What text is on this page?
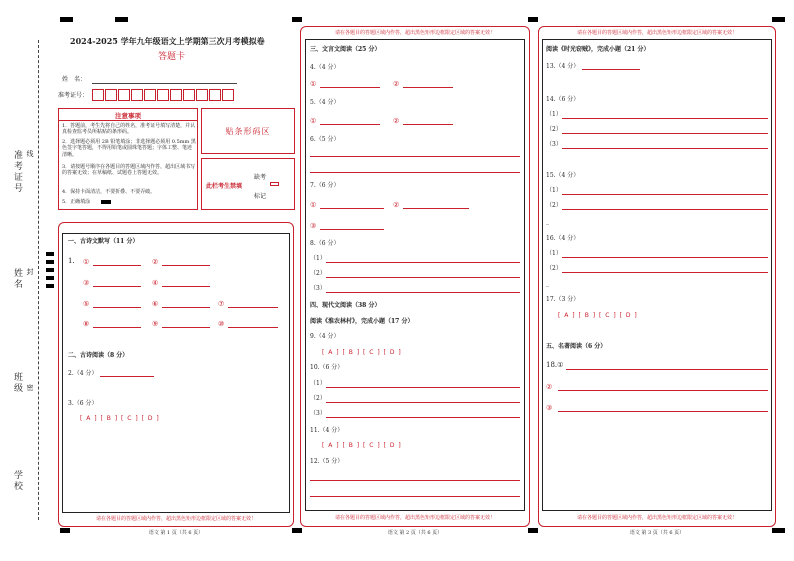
准考证号 线
姓名 封
班级 密
学校
2024-2025 学年九年级语文上学期第三次月考模拟卷
答题卡
姓　名：
准考证号：
注意事项
1．答题前，考生先将自己的姓名，准考证号填写清楚，并认真检查监考员所粘贴的条形码。
2．选择题必须用 2B 铅笔填涂；非选择题必须用 0.5mm 黑色签字笔答题，不得用铅笔或圆珠笔答题；字体工整、笔迹清晰。
3．请按题号顺序在各题目的答题区域内作答，超出区域书写的答案无效；在草稿纸、试题卷上答题无效。
4．保持卡面清洁，不要折叠、不要弄破。
5．正确填涂
贴条形码区
此栏考生禁填
缺考
标记
一、古诗文默写（11 分）
1. ①	②
③	④
⑤	⑥	⑦
⑧	⑨	⑩
二、古诗阅读（8 分）
2.（4 分）
3.（6 分）
[ A ] [ B ] [ C ] [ D ]
请在各题目的答题区域内作答，超出黑色矩形边框限定区域的答案无效！
语文 第 1 页（共 6 页）
请在各题目的答题区域内作答，超出黑色矩形边框限定区域的答案无效！
三、文言文阅读（25 分）
4.（4 分）
①	②
5.（4 分）
①	②
6.（5 分）
7.（6 分）
①	②
③
8.（6 分）
（1）
（2）
（3）
四、现代文阅读（38 分）
阅读《淮农林村》，完成小题（17 分）
9.（4 分）
[ A ] [ B ] [ C ] [ D ]
10.（6 分）
（1）
（2）
（3）
11.（4 分）
[ A ] [ B ] [ C ] [ D ]
12.（5 分）
请在各题目的答题区域内作答，超出黑色矩形边框限定区域的答案无效！
语文 第 2 页（共 6 页）
请在各题目的答题区域内作答，超出黑色矩形边框限定区域的答案无效！
阅读《时光窃贼》，完成小题（21 分）
13.（4 分）
14.（6 分）
（1）
（2）
（3）
15.（4 分）
（1）
（2）
_
16.（4 分）
（1）
（2）
_
17.（3 分）
[ A ] [ B ] [ C ] [ D ]
五、名著阅读（6 分）
18.①
②
③
请在各题目的答题区域内作答，超出黑色矩形边框限定区域的答案无效！
语文 第 3 页（共 6 页）
